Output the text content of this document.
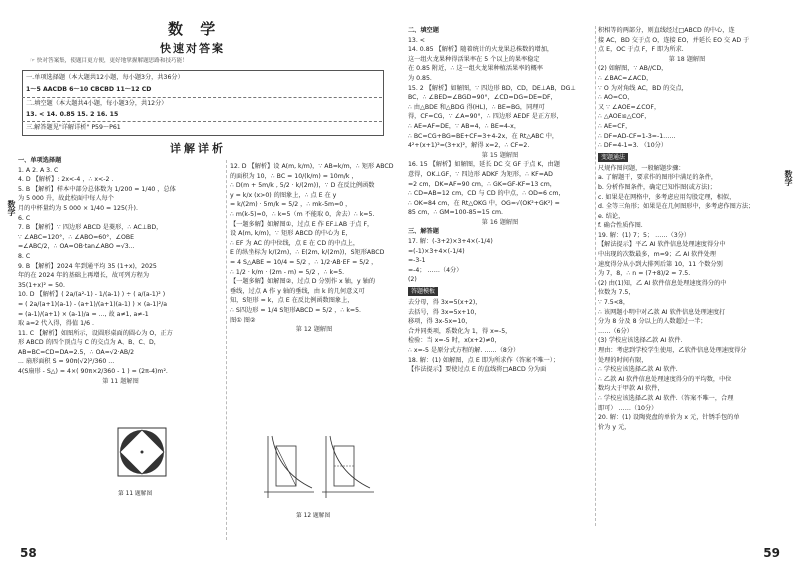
数 学
快速对答案
☞ 快对答案集，使题目更方便，更好地掌握解题思路和技巧能！
一.单项选择题（本大题共12小题，每小题3分，共36分）
1～5 AACDB 6～10 CBCBD 11～12 CD
二.填空题（本大题共4小题，每小题3分，共12分）
13. < 14. 0.85 15. 2 16. 15
三.解答题见"详解详析" P59～P61
详解详析
数学
一、单项选择题
1. A 2. A 3. C
4. D 【解析】: 2x<-4 ，∴ x<-2 .
5. B 【解析】样本中部分总体数为 1/200 = 1/40 ，总体
为 5 000 升，故此校面中每人每个
月的中杯量约为 5 000 × 1/40 = 125(升).
6. C
7. B 【解析】∵ 四边形 ABCD 是菱形，∴ AC⊥BD，
∵ ∠ABC=120°，∴ ∠ABO=60°，∠OBE
=∠ABC/2，∴ OA=OB·tan∠ABO =√3...
8. C
9. B 【解析】2024 年到通平均 35 (1+x)，2025
年的在 2024 年的基础上再增长，故可列方程为
35(1+x)² = 50.
10. D 【解析】( 2a/(a²-1) - 1/(a-1) ) ÷ ( a/(a-1)² )
= ( 2a/(a+1)(a-1) - (a+1)/(a+1)(a-1) ) × (a-1)²/a
= (a-1)/(a+1) × (a-1)/a = ..., 故 a≠1, a≠-1
取 a=2 代入得，得值 1/6 .
11. C 【解析】如图所示，设圆形桌面的圆心为 O，正方
形 ABCD 的四个顶点与 C 的交点为 A、B、C、D，
AB=BC=CD=DA=2.5，∴ OA=√2·AB/2
... 扇形面积 S = 90π(√2)²/360 ...
4(S扇形 - S△) = 4×( 90π×2/360 - 1 ) = (2π-4)m².
第 11 题解图
第 11 题解图
12. D 【解析】设 A(m, k/m)，∵ AB=k/m，∴ 矩形 ABCD
的面积为 10，∴ BC = 10/(k/m) = 10m/k ，
∴ D(m + 5m/k , 5/2 · k/(2m))，∵ D 在反比例函数
y = k/x (x>0) 的图象上，∴ 点 E 在 y
= k/(2m) · 5m/k = 5/2 ，∴ mk-5m=0 ，
∴ m(k-5)=0，∴ k=5（m 不能取 0，舍去）∴ k=5.
【一题多解】如解图①，过点 E 作 EF⊥AB 于点 F，
设 A(m, k/m)，∵ 矩形 ABCD 的中心为 E，
∴ EF 为 AC 的中位线，点 E 在 CD 的中点上，
E 的纵坐标为 k/(2m)，∴ E(2m, k/(2m))，S矩形ABCD
= 4 S△ABE = 10/4 = 5/2 ，∴ 1/2·AB·EF = 5/2 ，
∴ 1/2 · k/m · (2m - m) = 5/2 ，∴ k=5.
【一题多解】如解图②，过点 D 分别作 x 轴，y 轴的
垂线，过点 A 作 y 轴的垂线，由 k 的几何意义可
知，S矩形 = k，点 E 在反比例函数图象上，
∴ S四边形 = 1/4 S矩形ABCD = 5/2 ，∴ k=5.
图① 图②
第 12 题解图
第 12 题解图
58
二、填空题
13. <
14. 0.85 【解析】随着统计的火龙果总株数的增加，
这一组火龙果种得活果率在 5 个以上的果率稳定
在 0.85 附近，∴ 这一组火龙果种植活果率的概率
为 0.85.
15. 2 【解析】如解图，∵ 四边形 BD，CD，DE⊥AB，DG⊥
BC，∴ ∠BED=∠BGD=90°，∠CD=DG=DE=DF，
∴ 由△BDE 和△BDG 得(HL)，∴ BE=BG，同理可
得，CF=CG，∵ ∠A=90°，∴ 四边形 AEDF 是正方形，
∴ AE=AF=DE，∵ AB=4，∴ BE=4-x，
∴ BC=CG+BG=BE+CF=3+4-2x，在 Rt△ABC 中，
4²+(x+1)²=(3+x)²，解得 x=2，∴ CF=2.
第 15 题解图
16. 15 【解析】如解图，延长 DC 交 GF 于点 K，由题
意得，OK⊥GF，∵ 四边形 ADKF 为矩形，∴ KF=AD
=2 cm，DK=AF=90 cm，∴ GK=GF-KF=13 cm，
∴ CD=AB=12 cm，CD 与 CD 的中点，∴ OD=6 cm，
∴ OK=84 cm，在 Rt△OKG 中，OG=√(OK²+GK²) =
85 cm，∴ GM=100-85=15 cm.
第 16 题解图
三、解答题
17. 解：(-3+2)×3+4×(-1/4)
=(-1)×3+4×(-1/4)
=-3-1
=-4； ……（4分）
(2)
答题模板
去分母，得 3x=5(x+2)，
去括号，得 3x=5x+10，
移项，得 3x-5x=10，
合并同类项，系数化为 1，得 x=-5，
检验：当 x=-5 时，x(x+2)≠0，
∴ x=-5 是原分式方程的解. ……（8分）
18. 解：(1) 如解图，点 E 即为所求作（答案不唯一）；
【作法提示】要使过点 E 的直线将□ABCD 分为面
积相等的两部分，则直线经过□ABCD 的中心，连
接 AC，BD 交于点 O，连接 EO，并延长 EO 交 AD 于
点 E，OC 于点 F，F 即为所求.
第 18 题解图
(2) 如解图，∵ AB//CD，
∴ ∠BAC=∠ACD，
∵ O 为对角线 AC，BD 的交点，
∴ AO=CO，
又 ∵ ∠AOE=∠COF，
∴ △AOE≌△COF，
∴ AE=CF，
∴ DF=AD-CF=1-3=-1……
∴ DF=4-1=3. （10分）
变题通法
尺规作图问题，一般解题步骤：
a. 了解题干，要求作的图形中满足的条件，
b. 分析作图条件，确定已知作图(或方法)；
c. 如果是在网格中，多考虑应用勾股定理，相似，
d. 全等三角形；如果是在几何图形中，多考虑作图方法；
e. 结论，
f. 确合性质作图.
19. 解：(1) 7；5； ……（3分）
【解法提示】平乙 AI 软件信息处理速度得分中
中出现的次数最多，m=9；乙 AI 软件处理
速度得分从小到大排列后第 10，11 个数分别
为 7，8，∴ n = (7+8)/2 = 7.5.
(2) 由(1)知，乙 AI 软件信息处理速度得分的中
位数为 7.5，
∵ 7.5<8，
∴ 该网题小明中对乙款 AI 软件信息处理速度打
分为 8 分及 8 分以上的人数超过一半；
……（6分）
(3) 学校应该选择乙款 AI 软件.
理由：考虑到学校学生使用，乙软件信息处理速度得分
处理的时间有限，
∴ 学校应该选择乙款 AI 软件.
∴ 乙款 AI 软件信息处理速度得分的平均数，中位
数均大于甲款 AI 软件，
∴ 学校应该选择乙款 AI 软件.（答案不唯一，合理
即可） ……（10分）
20. 解：(1) 设陶瓷盘的单价为 x 元，针锈手包的单
价为 y 元，
数学
59
